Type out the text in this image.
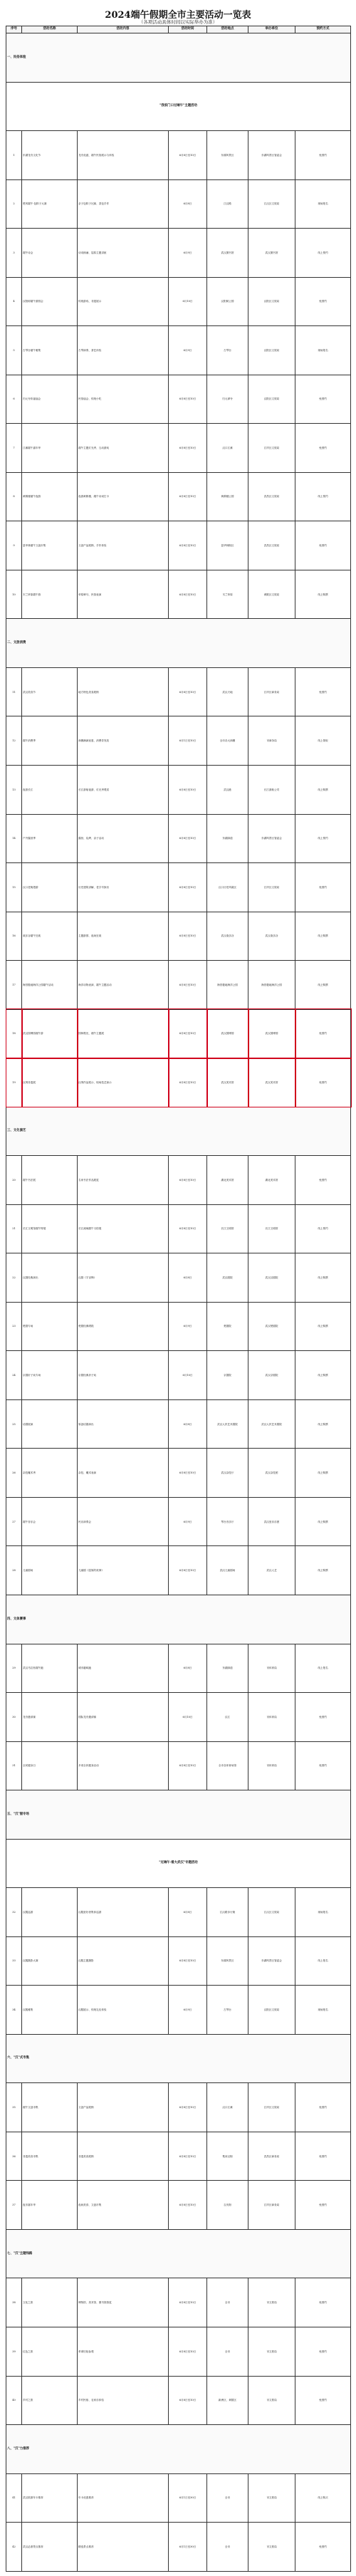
2024端午假期全市主要活动一览表
（各项活动具体时间以实际举办为准）
序号	活动名称	活动内容	活动时间	活动地点	举办单位	预约方式
一、民俗体验						
"我家门口过端午"主题活动						
1	东湖龙舟文化节	龙舟竞渡、端午民俗展示与体验	6月8日至10日	东湖风景区	东湖风景区管委会	免预约
2	楚风端午·包粽子大赛	亲子包粽子比赛、香包手作	6月8日	江汉路	江汉区文旅局	现场报名
3	端午诗会	诗词朗诵、屈原主题讲座	6月9日	武汉图书馆	武汉图书馆	线上预约
4	汉阳树端午游园会	传统游戏、非遗展示	6月10日	汉阳树公园	汉阳区文旅局	免预约
5	古琴台端午雅集	古琴演奏、茶艺体验	6月9日	古琴台	汉阳区文旅局	现场报名
6	归元寺祈福庙会	民俗庙会、传统小吃	6月8日至10日	归元禅寺	汉阳区文旅局	免预约
7	江滩端午嘉年华	端午主题灯光秀、互动游戏	6月8日至10日	汉口江滩	江岸区文旅局	免预约
8	黄鹤楼端午夜游	夜游黄鹤楼、端午诗词打卡	6月8日至10日	黄鹤楼公园	武昌区文旅局	线上预约
9	昙华林端午文创市集	文创产品展销、手作体验	6月8日至10日	昙华林街区	武昌区文旅局	免预约
10	木兰草原端午游	草原骑马、民俗表演	6月8日至10日	木兰草原	黄陂区文旅局	线上购票
二、文旅消费						
11	武汉美食节	地方特色美食展销	6月8日至10日	武汉天地	江岸区商务局	免预约
12	端午消费季	商圈满减优惠、消费券发放	6月1日至10日	全市各大商圈	市商务局	线上领取
13	夜游长江	长江游船夜游、灯光秀观赏	6月8日至10日	武汉港	长江游船公司	线上购票
14	户外露营季	露营、烧烤、亲子活动	6月8日至10日	东湖绿道	东湖风景区管委会	线上预约
15	汉口老街漫游	历史建筑讲解、老字号探访	6月8日至10日	汉口历史风貌区	江岸区文旅局	免预约
16	欢乐谷端午狂欢	主题游园、夜场狂欢	6月8日至10日	武汉欢乐谷	武汉欢乐谷	线上购票
17	海昌极地海洋公园端午活动	海洋动物表演、端午主题活动	6月8日至10日	海昌极地海洋公园	海昌极地海洋公园	线上购票
18	武汉园博园端午游	园林观光、端午主题展	6月8日至10日	武汉园博园	武汉园博园	免预约
19	汉绣非遗展	汉绣作品展示、现场技艺演示	6月8日至10日	武汉美术馆	武汉美术馆	免预约
三、文化演艺						
20	端午书法展	名家书法作品展览	6月8日至10日	湖北美术馆	湖北美术馆	免预约
21	长江文明馆端午特展	长江流域端午习俗展	6月8日至10日	长江文明馆	长江文明馆	线上预约
22	汉剧经典演出	汉剧《宇宙锋》	6月8日	武汉剧院	武汉汉剧院	线上购票
23	楚剧专场	楚剧经典唱段	6月9日	楚剧院	武汉楚剧院	线上购票
24	京剧折子戏专场	京剧经典折子戏	6月10日	京剧院	武汉京剧院	线上购票
25	话剧展演	原创话剧演出	6月8日	武汉人民艺术剧院	武汉人民艺术剧院	线上购票
26	杂技魔术秀	杂技、魔术表演	6月8日至10日	武汉杂技厅	武汉杂技团	线上购票
27	端午音乐会	民乐演奏会	6月9日	琴台音乐厅	武汉爱乐乐团	线上购票
28	儿童剧场	儿童剧《屈原的故事》	6月8日至10日	武汉儿童剧场	武汉人艺	线上购票
四、文体赛事						
29	武汉马拉松端午跑	城市趣味跑	6月8日	东湖绿道	市体育局	线上报名
30	龙舟邀请赛	国际龙舟邀请赛	6月10日	汉江	市体育局	免预约
31	全民健身日	多项全民健身活动	6月8日至10日	全市各体育场馆	市体育局	免预约
五、"汉"服专场						
"过端午·看大武汉"专题活动						
32	汉服巡游	汉服爱好者集体巡游	6月8日	江汉路步行街	江汉区文旅局	现场报名
33	汉服摄影大赛	汉服主题摄影	6月8日至10日	东湖风景区	东湖风景区管委会	线上报名
34	汉服雅集	汉服展示、传统礼仪体验	6月9日	古琴台	汉阳区文旅局	现场报名
六、"汉"式市集						
35	端午文创市集	文创产品展销	6月8日至10日	汉口江滩	江岸区文旅局	免预约
36	非遗美食市集	非遗美食展销	6月8日至10日	楚河汉街	武昌区商务局	免预约
37	夜市嘉年华	夜间美食、文创市集	6月8日至10日	吉庆街	江岸区商务局	免预约
七、"汉"主题线路						
38	文化之旅	博物馆、美术馆、图书馆游览	6月8日至10日	全市	市文旅局	免预约
39	红色之旅	革命旧址参观	6月8日至10日	全市	市文旅局	免预约
40	乡村之旅	乡村民宿、农家乐体验	6月8日至10日	新洲区、黄陂区	市文旅局	免预约
八、"汉"力推荐						
41	武汉旅游年卡推荐	年卡优惠推荐	6月1日至30日	全市	市文旅局	线上购买
42	武汉必游景点推荐	精选景点推荐	6月1日至30日	全市	市文旅局	免预约
